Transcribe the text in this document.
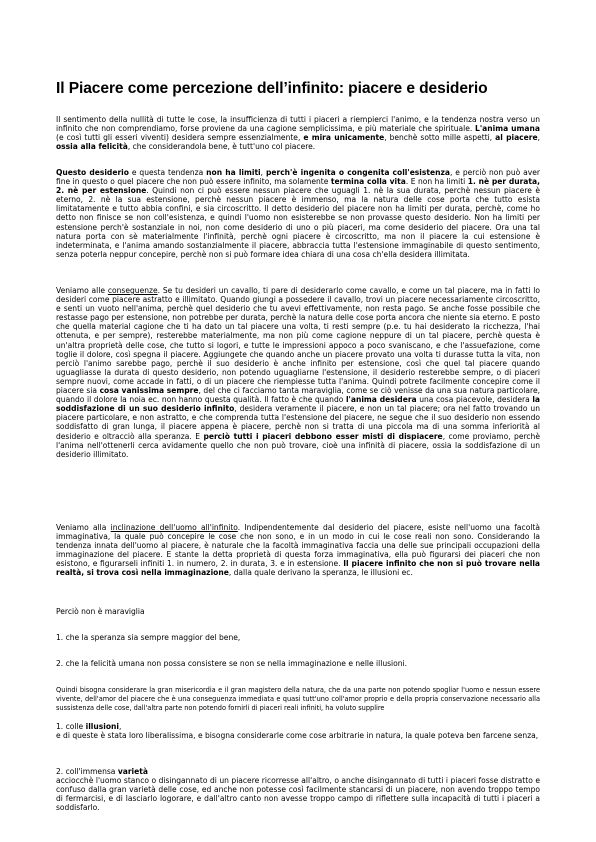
Il Piacere come percezione dell’infinito: piacere e desiderio

Il sentimento della nullità di tutte le cose, la insufficienza di tutti i piaceri a riempierci l'animo, e la tendenza nostra verso un infinito che non comprendiamo, forse proviene da una cagione semplicissima, e più materiale che spirituale. L'anima umana (e così tutti gli esseri viventi) desidera sempre essenzialmente, e mira unicamente, benchè sotto mille aspetti, al piacere, ossia alla felicità, che considerandola bene, è tutt'uno col piacere.

Questo desiderio e questa tendenza non ha limiti, perch'è ingenita o congenita coll'esistenza, e perciò non può aver fine in questo o quel piacere che non può essere infinito, ma solamente termina colla vita. E non ha limiti 1. nè per durata, 2. nè per estensione. Quindi non ci può essere nessun piacere che uguagli 1. nè la sua durata, perchè nessun piacere è eterno, 2. nè la sua estensione, perchè nessun piacere è immenso, ma la natura delle cose porta che tutto esista limitatamente e tutto abbia confini, e sia circoscritto. Il detto desiderio del piacere non ha limiti per durata, perchè, come ho detto non finisce se non coll'esistenza, e quindi l'uomo non esisterebbe se non provasse questo desiderio. Non ha limiti per estensione perch'è sostanziale in noi, non come desiderio di uno o più piaceri, ma come desiderio del piacere. Ora una tal natura porta con sè materialmente l'infinità, perchè ogni piacere è circoscritto, ma non il piacere la cui estensione è indeterminata, e l'anima amando sostanzialmente il piacere, abbraccia tutta l'estensione immaginabile di questo sentimento, senza poterla neppur concepire, perchè non si può formare idea chiara di una cosa ch'ella desidera illimitata.

Veniamo alle conseguenze. Se tu desideri un cavallo, ti pare di desiderarlo come cavallo, e come un tal piacere, ma in fatti lo desideri come piacere astratto e illimitato. Quando giungi a possedere il cavallo, trovi un piacere necessariamente circoscritto, e senti un vuoto nell'anima, perchè quel desiderio che tu avevi effettivamente, non resta pago. Se anche fosse possibile che restasse pago per estensione, non potrebbe per durata, perchè la natura delle cose porta ancora che niente sia eterno. E posto che quella material cagione che ti ha dato un tal piacere una volta, ti resti sempre (p.e. tu hai desiderato la ricchezza, l'hai ottenuta, e per sempre), resterebbe materialmente, ma non più come cagione neppure di un tal piacere, perchè questa è un'altra proprietà delle cose, che tutto si logori, e tutte le impressioni appoco a poco svaniscano, e che l'assuefazione, come toglie il dolore, così spegna il piacere. Aggiungete che quando anche un piacere provato una volta ti durasse tutta la vita, non perciò l'animo sarebbe pago, perchè il suo desiderio è anche infinito per estensione, così che quel tal piacere quando uguagliasse la durata di questo desiderio, non potendo uguagliarne l'estensione, il desiderio resterebbe sempre, o di piaceri sempre nuovi, come accade in fatti, o di un piacere che riempiesse tutta l'anima. Quindi potrete facilmente concepire come il piacere sia cosa vanissima sempre, del che ci facciamo tanta maraviglia, come se ciò venisse da una sua natura particolare, quando il dolore la noia ec. non hanno questa qualità. Il fatto è che quando l'anima desidera una cosa piacevole, desidera la soddisfazione di un suo desiderio infinito, desidera veramente il piacere, e non un tal piacere; ora nel fatto trovando un piacere particolare, e non astratto, e che comprenda tutta l'estensione del piacere, ne segue che il suo desiderio non essendo soddisfatto di gran lunga, il piacere appena è piacere, perchè non si tratta di una piccola ma di una somma inferiorità al desiderio e oltracciò alla speranza. E perciò tutti i piaceri debbono esser misti di dispiacere, come proviamo, perchè l'anima nell'ottenerli cerca avidamente quello che non può trovare, cioè una infinità di piacere, ossia la soddisfazione di un desiderio illimitato.

Veniamo alla inclinazione dell'uomo all'infinito. Indipendentemente dal desiderio del piacere, esiste nell'uomo una facoltà immaginativa, la quale può concepire le cose che non sono, e in un modo in cui le cose reali non sono. Considerando la tendenza innata dell'uomo al piacere, è naturale che la facoltà immaginativa faccia una delle sue principali occupazioni della immaginazione del piacere. E stante la detta proprietà di questa forza immaginativa, ella può figurarsi dei piaceri che non esistono, e figurarseli infiniti 1. in numero, 2. in durata, 3. e in estensione. Il piacere infinito che non si può trovare nella realtà, si trova così nella immaginazione, dalla quale derivano la speranza, le illusioni ec.

Perciò non è maraviglia

1. che la speranza sia sempre maggior del bene,

2. che la felicità umana non possa consistere se non se nella immaginazione e nelle illusioni.

Quindi bisogna considerare la gran misericordia e il gran magistero della natura, che da una parte non potendo spogliar l'uomo e nessun essere vivente, dell'amor del piacere che è una conseguenza immediata e quasi tutt'uno coll'amor proprio e della propria conservazione necessario alla sussistenza delle cose, dall'altra parte non potendo fornirli di piaceri reali infiniti, ha voluto supplire

1. colle illusioni,
e di queste è stata loro liberalissima, e bisogna considerarle come cose arbitrarie in natura, la quale poteva ben farcene senza,

2. coll'immensa varietà
acciocchè l'uomo stanco o disingannato di un piacere ricorresse all'altro, o anche disingannato di tutti i piaceri fosse distratto e confuso dalla gran varietà delle cose, ed anche non potesse così facilmente stancarsi di un piacere, non avendo troppo tempo di fermarcisi, e di lasciarlo logorare, e dall'altro canto non avesse troppo campo di riflettere sulla incapacità di tutti i piaceri a soddisfarlo.
